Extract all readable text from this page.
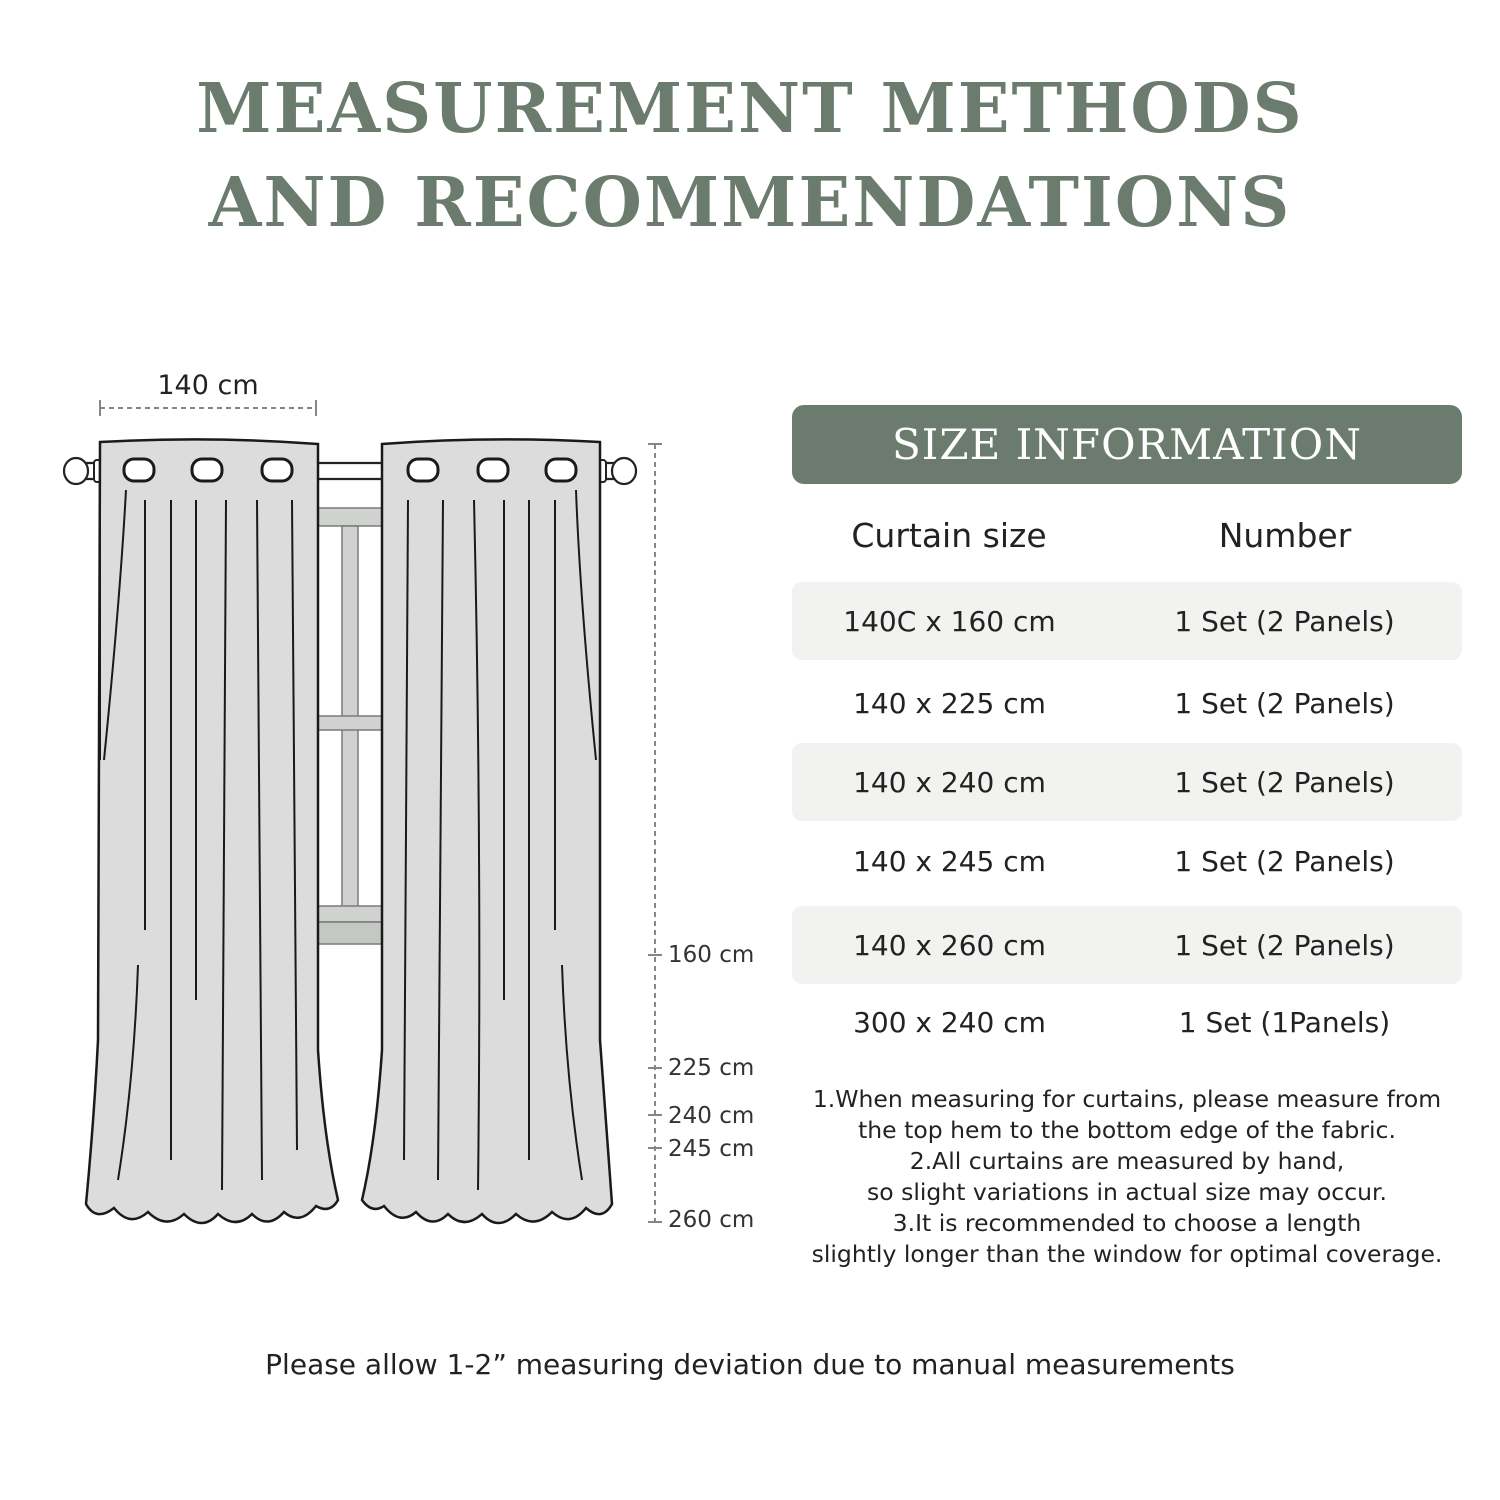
MEASUREMENT METHODS
AND RECOMMENDATIONS
140 cm
160 cm
225 cm
240 cm
245 cm
260 cm
SIZE INFORMATION
Curtain size	Number
140C x 160 cm	1 Set (2 Panels)
140 x 225 cm	1 Set (2 Panels)
140 x 240 cm	1 Set (2 Panels)
140 x 245 cm	1 Set (2 Panels)
140 x 260 cm	1 Set (2 Panels)
300 x 240 cm	1 Set (1Panels)
1.When measuring for curtains, please measure from
the top hem to the bottom edge of the fabric.
2.All curtains are measured by hand,
so slight variations in actual size may occur.
3.It is recommended to choose a length
slightly longer than the window for optimal coverage.
Please allow 1-2” measuring deviation due to manual measurements
